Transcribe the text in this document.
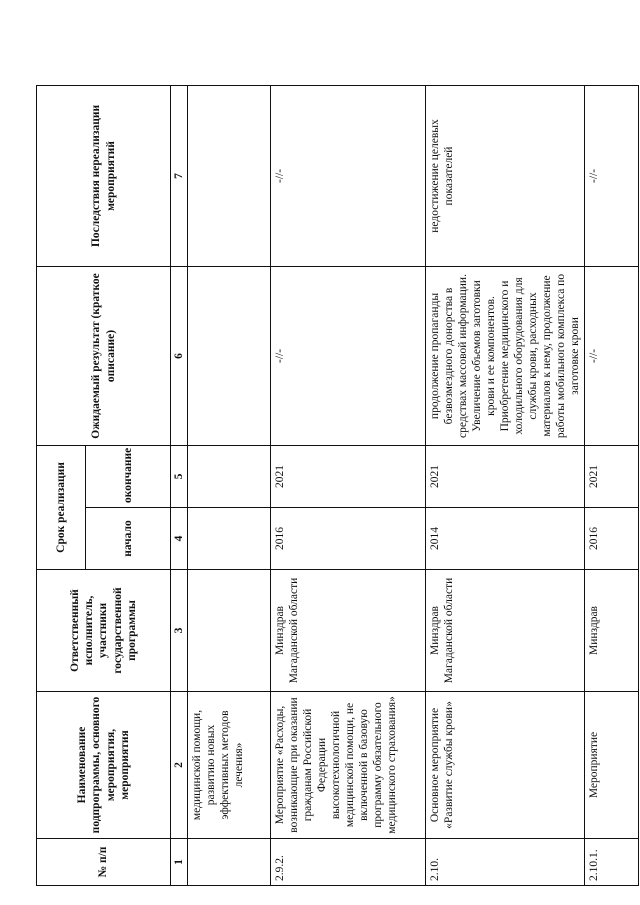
№ п/п	Наименование подпрограммы, основного мероприятия, мероприятия	Ответственный исполнитель, участники государственной программы	Срок реализации		Ожидаемый результат (краткое описание)	Последствия нереализации мероприятий
			начало	окончание		
1	2	3	4	5	6	7
	медицинской помощи, развитию новых эффективных методов лечения»					
2.9.2.	Мероприятие «Расходы, возникающие при оказании гражданам Российской Федерации высокотехнологичной медицинской помощи, не включенной в базовую программу обязательного медицинского страхования»	Минздрав Магаданской области	2016	2021	-//-	-//-
2.10.	Основное мероприятие «Развитие службы крови»	Минздрав Магаданской области	2014	2021	продолжение пропаганды безвозмездного донорства в средствах массовой информации. Увеличение объемов заготовки крови и ее компонентов. Приобретение медицинского и холодильного оборудования для службы крови, расходных материалов к нему, продолжение работы мобильного комплекса по заготовке крови	недостижение целевых показателей
2.10.1.	Мероприятие	Минздрав	2016	2021	-//-	-//-
